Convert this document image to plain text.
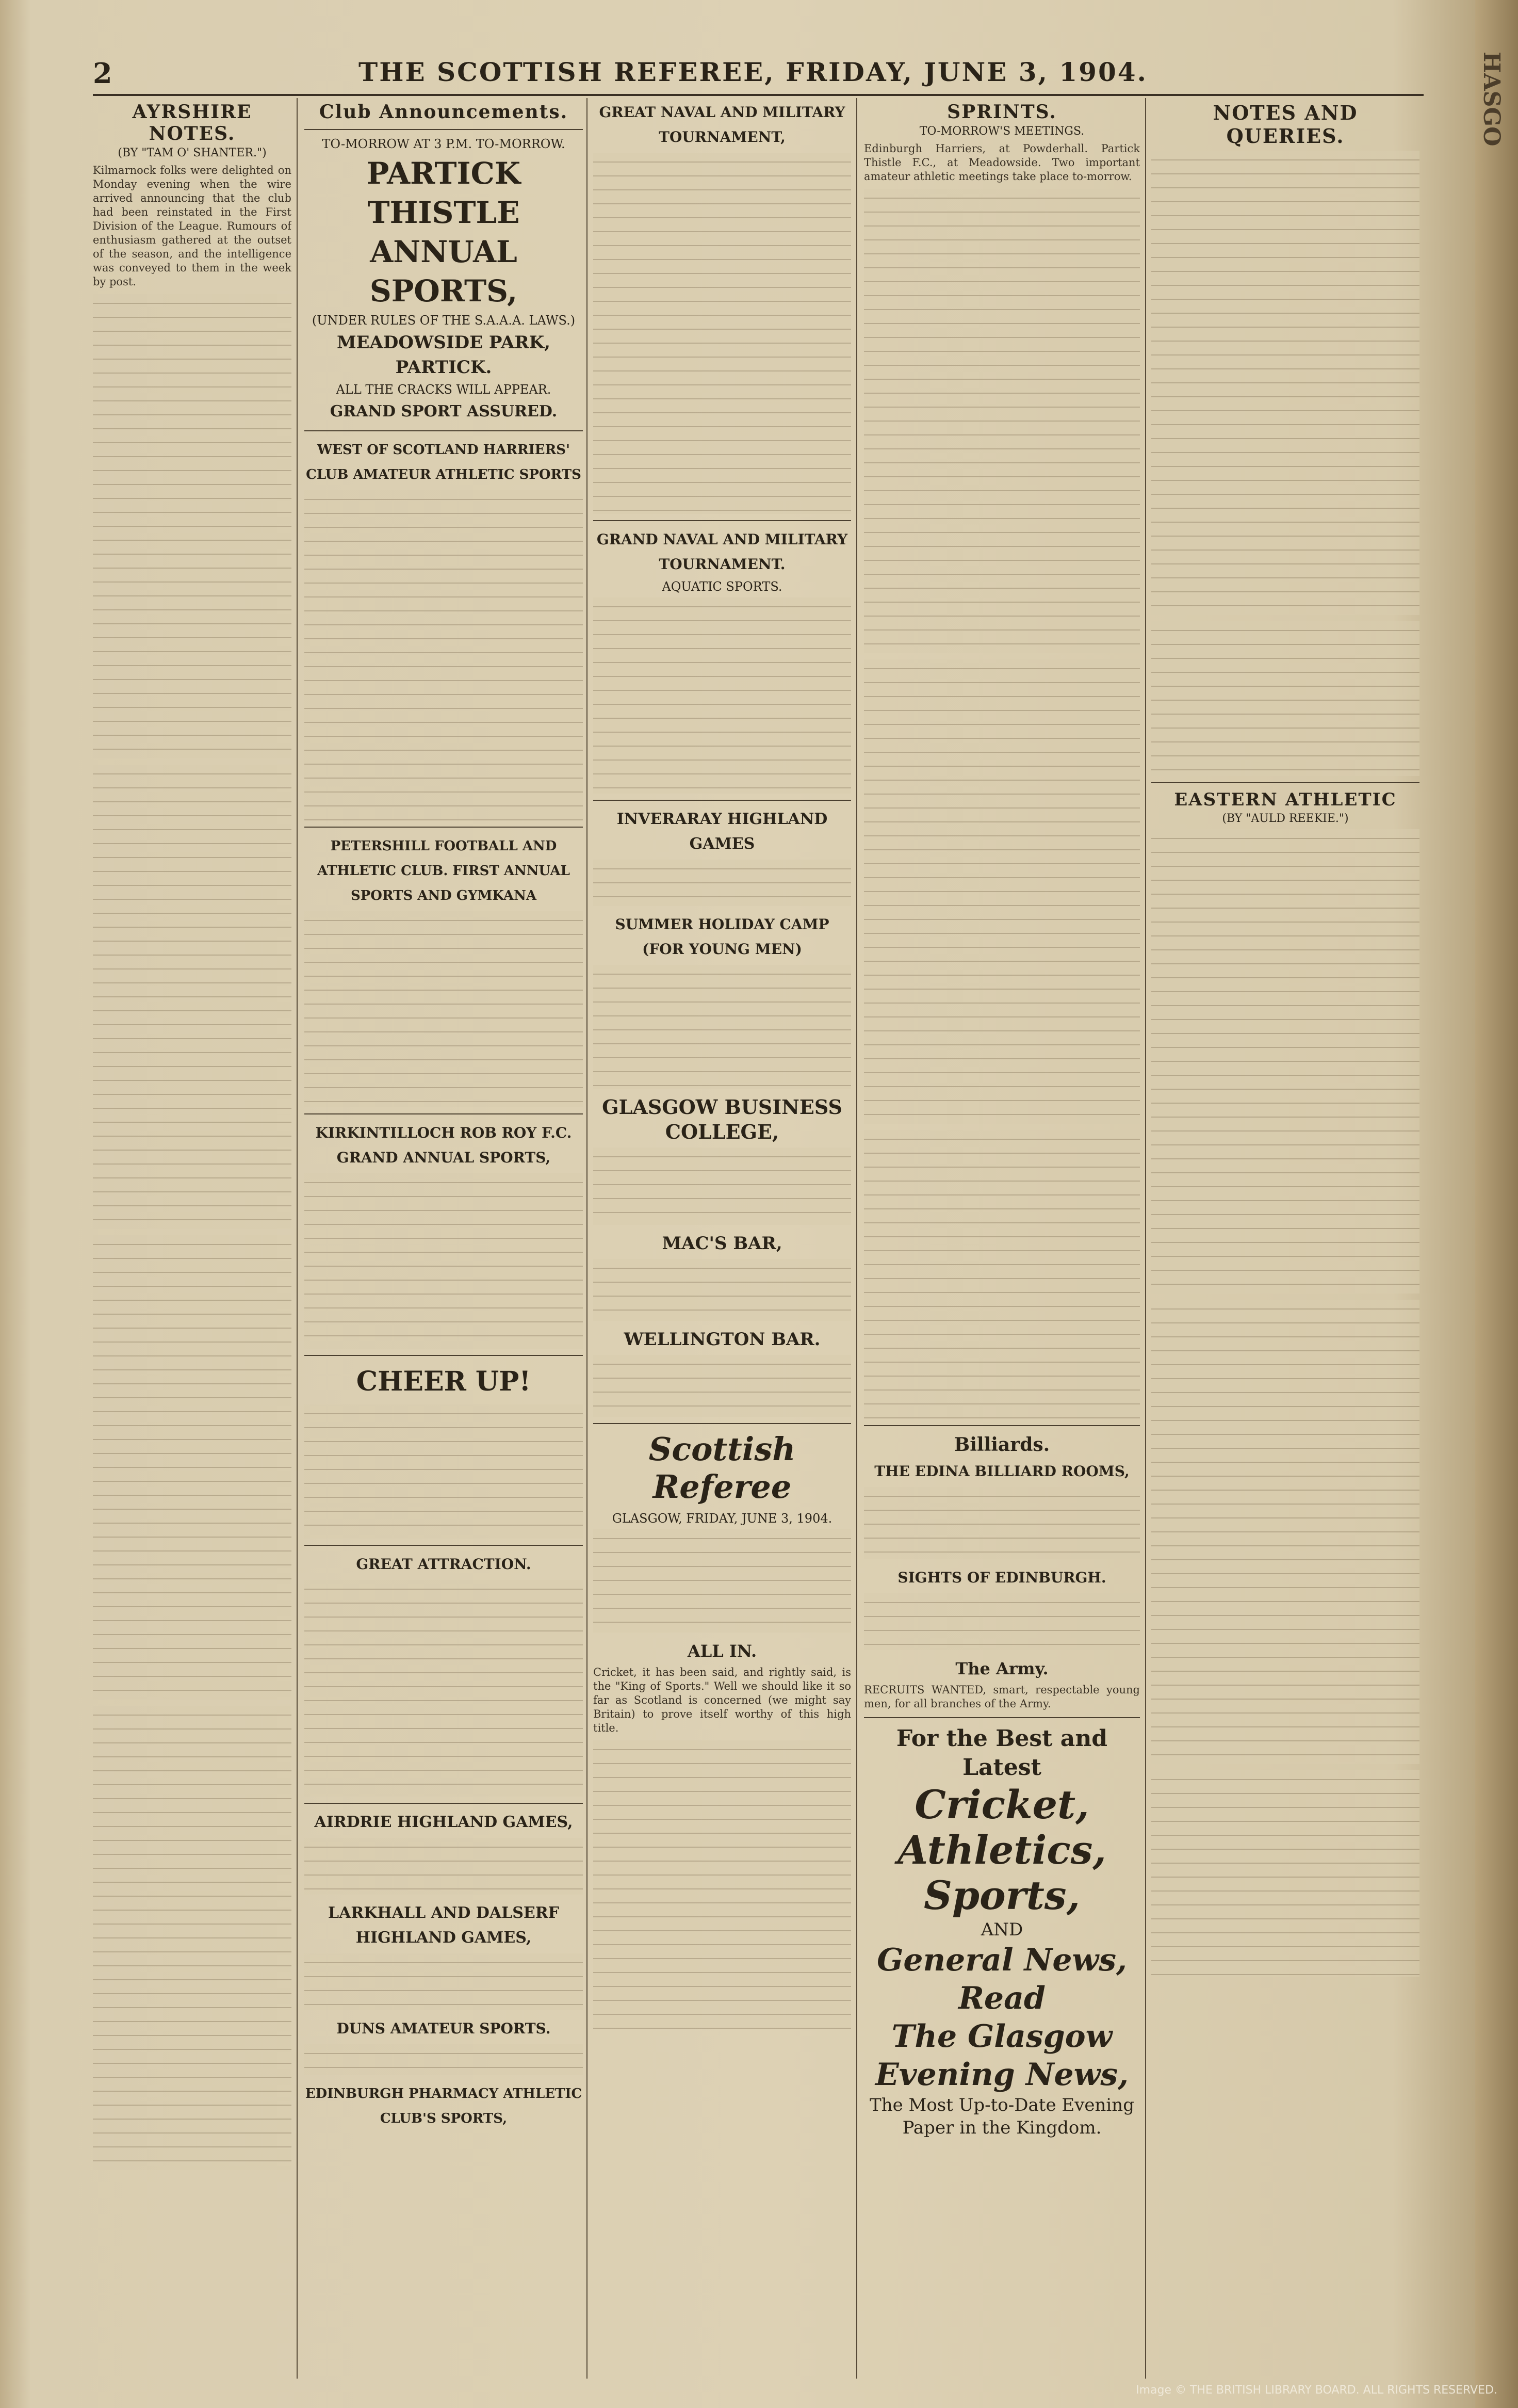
2	THE SCOTTISH REFEREE, FRIDAY, JUNE 3, 1904.
AYRSHIRE NOTES.
(BY "TAM O' SHANTER.")

Kilmarnock folks were delighted on Monday evening when the wire arrived announcing that the club had been reinstated in the First Division of the League. Rumours of enthusiasm gathered at the outset of the season, and the intelligence was conveyed to them in the week by post.

Club Announcements.
TO-MORROW AT 3 P.M. TO-MORROW.
PARTICK THISTLE ANNUAL SPORTS,
(UNDER RULES OF THE S.A.A.A. LAWS.)
MEADOWSIDE PARK, PARTICK.
ALL THE CRACKS WILL APPEAR.
GRAND SPORT ASSURED.
WEST OF SCOTLAND HARRIERS' CLUB AMATEUR ATHLETIC SPORTS
PETERSHILL FOOTBALL AND ATHLETIC CLUB. FIRST ANNUAL SPORTS AND GYMKANA
KIRKINTILLOCH ROB ROY F.C. GRAND ANNUAL SPORTS,
CHEER UP!
GREAT ATTRACTION.
AIRDRIE HIGHLAND GAMES,
LARKHALL AND DALSERF HIGHLAND GAMES,
DUNS AMATEUR SPORTS.
EDINBURGH PHARMACY ATHLETIC CLUB'S SPORTS,
GREAT NAVAL AND MILITARY TOURNAMENT,
GRAND NAVAL AND MILITARY TOURNAMENT.
AQUATIC SPORTS.
INVERARAY HIGHLAND GAMES
SUMMER HOLIDAY CAMP (FOR YOUNG MEN)
GLASGOW BUSINESS COLLEGE,
MAC'S BAR,
WELLINGTON BAR.
Scottish Referee
GLASGOW, FRIDAY, JUNE 3, 1904.
ALL IN.

Cricket, it has been said, and rightly said, is the "King of Sports." Well we should like it so far as Scotland is concerned (we might say Britain) to prove itself worthy of this high title.

SPRINTS.
TO-MORROW'S MEETINGS.

Edinburgh Harriers, at Powderhall. Partick Thistle F.C., at Meadowside. Two important amateur athletic meetings take place to-morrow.

Billiards.
THE EDINA BILLIARD ROOMS,
SIGHTS OF EDINBURGH.
The Army.

RECRUITS WANTED, smart, respectable young men, for all branches of the Army.

For the Best and Latest
Cricket,
Athletics,
Sports,
AND
General News,
Read
The Glasgow
Evening News,
The Most Up-to-Date Evening
Paper in the Kingdom.
NOTES AND QUERIES.
EASTERN ATHLETIC
(BY "AULD REEKIE.")
HASGO
Image © THE BRITISH LIBRARY BOARD. ALL RIGHTS RESERVED.
